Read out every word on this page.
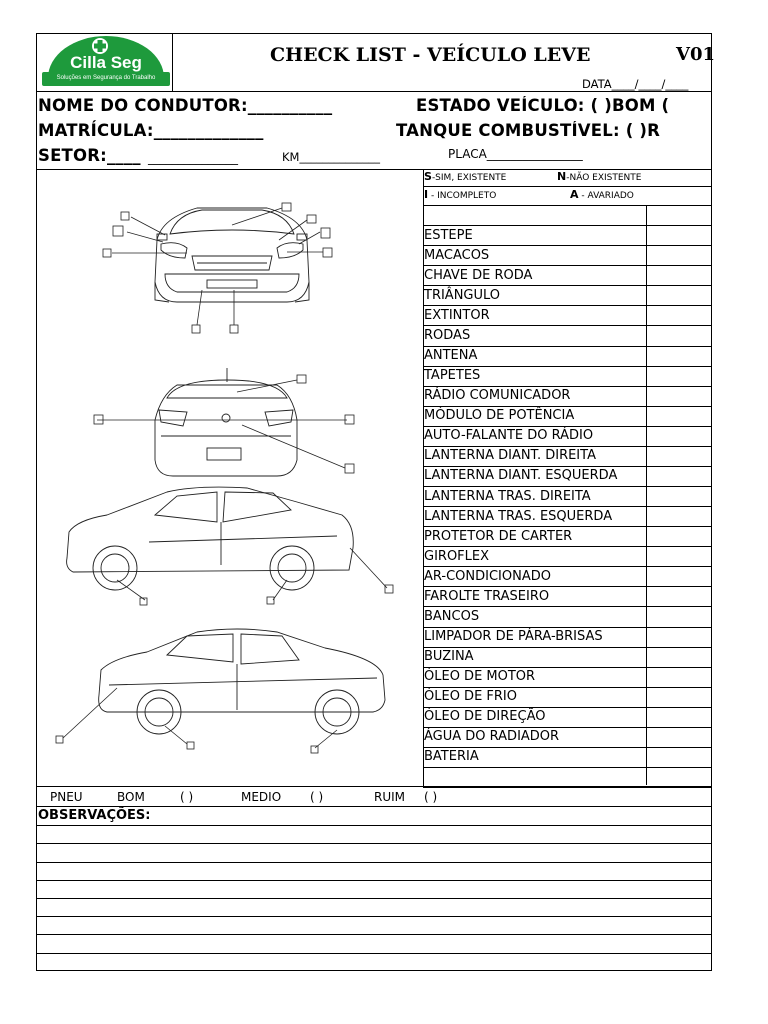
Cilla Seg
Soluções em Segurança do Trabalho
CHECK LIST - VEÍCULO LEVE	V01
DATA____/____/____
NOME DO CONDUTOR:__________	ESTADO VEÍCULO: ( )BOM (
MATRÍCULA:_____________	TANQUE COMBUSTÍVEL: ( )R
SETOR:____ _______________	KM______________	PLACA________________
S-SIM, EXISTENTE	N-NÃO EXISTENTE
I - INCOMPLETO	A - AVARIADO
ESTEPE
MACACOS
CHAVE DE RODA
TRIÂNGULO
EXTINTOR
RODAS
ANTENA
TAPETES
RÁDIO COMUNICADOR
MÓDULO DE POTÊNCIA
AUTO-FALANTE DO RÁDIO
LANTERNA DIANT. DIREITA
LANTERNA DIANT. ESQUERDA
LANTERNA TRAS. DIREITA
LANTERNA TRAS. ESQUERDA
PROTETOR DE CARTER
GIROFLEX
AR-CONDICIONADO
FAROLTE TRASEIRO
BANCOS
LIMPADOR DE PÁRA-BRISAS
BUZINA
ÓLEO DE MOTOR
ÓLEO DE FRIO
ÓLEO DE DIREÇÃO
ÁGUA DO RADIADOR
BATERIA
PNEU	BOM	( )	MEDIO ( )	RUIM ( )
OBSERVAÇÕES:
